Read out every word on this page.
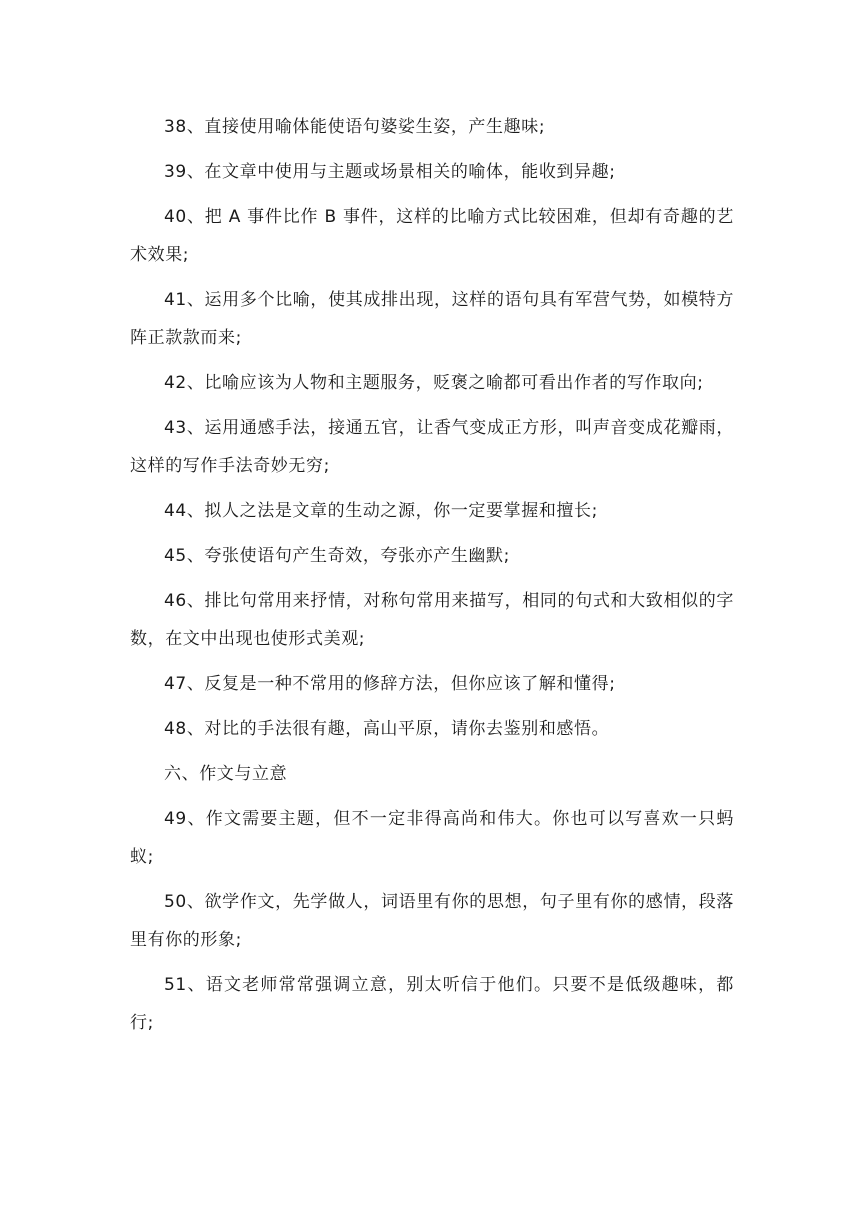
38、直接使用喻体能使语句婆娑生姿，产生趣味;

39、在文章中使用与主题或场景相关的喻体，能收到异趣;

40、把 A 事件比作 B 事件，这样的比喻方式比较困难，但却有奇趣的艺术效果;

41、运用多个比喻，使其成排出现，这样的语句具有军营气势，如模特方阵正款款而来;

42、比喻应该为人物和主题服务，贬褒之喻都可看出作者的写作取向;

43、运用通感手法，接通五官，让香气变成正方形，叫声音变成花瓣雨，这样的写作手法奇妙无穷;

44、拟人之法是文章的生动之源，你一定要掌握和擅长;

45、夸张使语句产生奇效，夸张亦产生幽默;

46、排比句常用来抒情，对称句常用来描写，相同的句式和大致相似的字数，在文中出现也使形式美观;

47、反复是一种不常用的修辞方法，但你应该了解和懂得;

48、对比的手法很有趣，高山平原，请你去鉴别和感悟。

六、作文与立意

49、作文需要主题，但不一定非得高尚和伟大。你也可以写喜欢一只蚂蚁;

50、欲学作文，先学做人，词语里有你的思想，句子里有你的感情，段落里有你的形象;

51、语文老师常常强调立意，别太听信于他们。只要不是低级趣味，都行;
